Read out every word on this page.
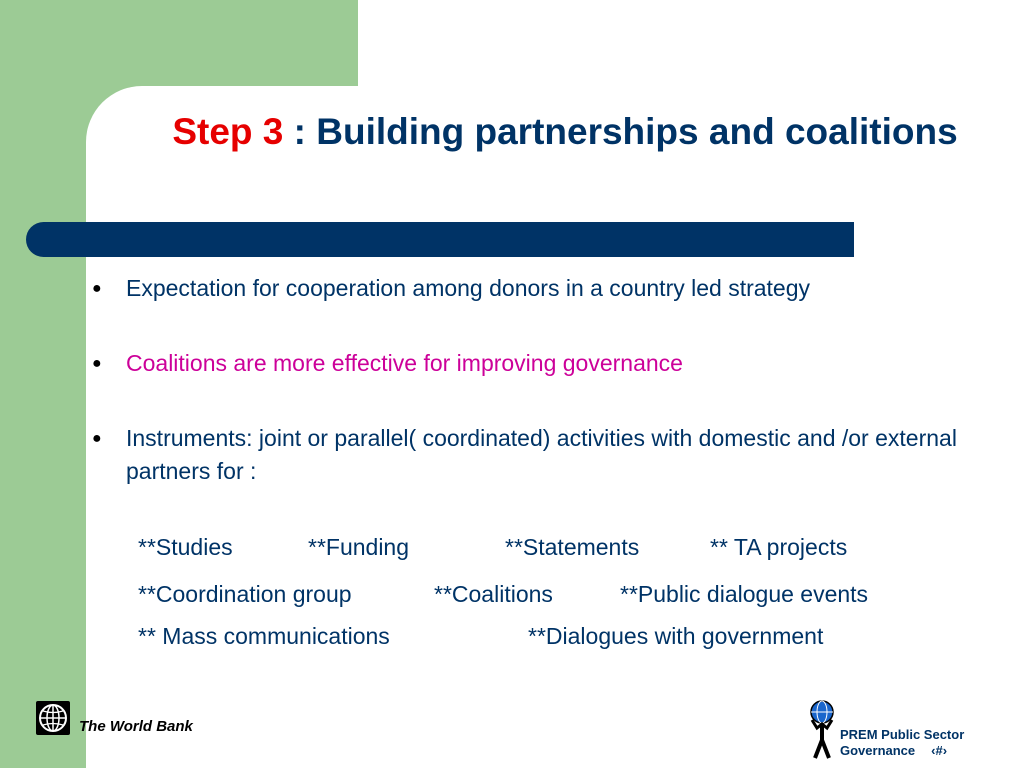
Step 3 : Building partnerships and coalitions
● Expectation for cooperation among donors in a country led strategy
● Coalitions are more effective for improving governance
● Instruments: joint or parallel( coordinated) activities with domestic and /or external partners for :

**Studies

	**Funding

	**Statements

	** TA projects

**Coordination group

	**Coalitions

	**Public dialogue events

** Mass communications

	**Dialogues with government

The World Bank	PREM Public Sector
Governance ‹#›
